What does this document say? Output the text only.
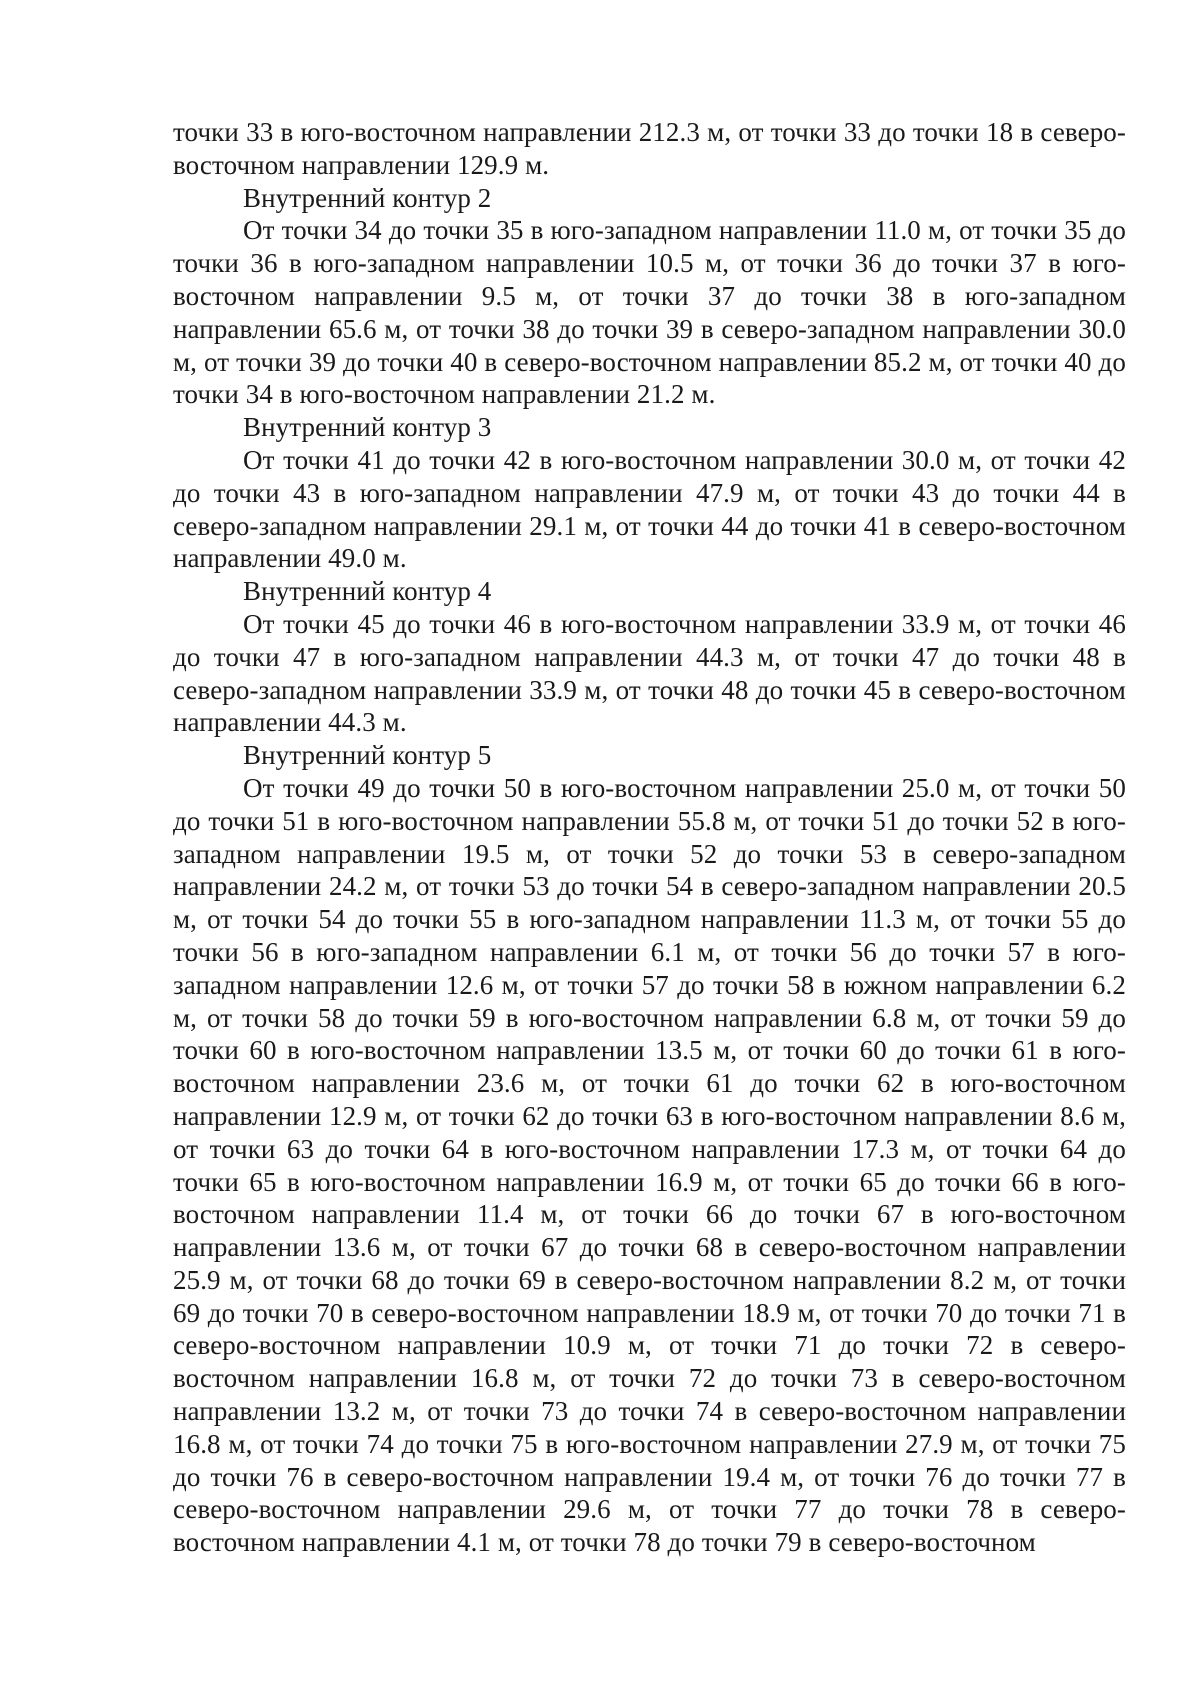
точки 33 в юго-восточном направлении 212.3 м, от точки 33 до точки 18 в северо-восточном направлении 129.9 м.

Внутренний контур 2

От точки 34 до точки 35 в юго-западном направлении 11.0 м, от точки 35 до точки 36 в юго-западном направлении 10.5 м, от точки 36 до точки 37 в юго-восточном направлении 9.5 м, от точки 37 до точки 38 в юго-западном направлении 65.6 м, от точки 38 до точки 39 в северо-западном направлении 30.0 м, от точки 39 до точки 40 в северо-восточном направлении 85.2 м, от точки 40 до точки 34 в юго-восточном направлении 21.2 м.

Внутренний контур 3

От точки 41 до точки 42 в юго-восточном направлении 30.0 м, от точки 42 до точки 43 в юго-западном направлении 47.9 м, от точки 43 до точки 44 в северо-западном направлении 29.1 м, от точки 44 до точки 41 в северо-восточном направлении 49.0 м.

Внутренний контур 4

От точки 45 до точки 46 в юго-восточном направлении 33.9 м, от точки 46 до точки 47 в юго-западном направлении 44.3 м, от точки 47 до точки 48 в северо-западном направлении 33.9 м, от точки 48 до точки 45 в северо-восточном направлении 44.3 м.

Внутренний контур 5

От точки 49 до точки 50 в юго-восточном направлении 25.0 м, от точки 50 до точки 51 в юго-восточном направлении 55.8 м, от точки 51 до точки 52 в юго-западном направлении 19.5 м, от точки 52 до точки 53 в северо-западном направлении 24.2 м, от точки 53 до точки 54 в северо-западном направлении 20.5 м, от точки 54 до точки 55 в юго-западном направлении 11.3 м, от точки 55 до точки 56 в юго-западном направлении 6.1 м, от точки 56 до точки 57 в юго-западном направлении 12.6 м, от точки 57 до точки 58 в южном направлении 6.2 м, от точки 58 до точки 59 в юго-восточном направлении 6.8 м, от точки 59 до точки 60 в юго-восточном направлении 13.5 м, от точки 60 до точки 61 в юго-восточном направлении 23.6 м, от точки 61 до точки 62 в юго-восточном направлении 12.9 м, от точки 62 до точки 63 в юго-восточном направлении 8.6 м, от точки 63 до точки 64 в юго-восточном направлении 17.3 м, от точки 64 до точки 65 в юго-восточном направлении 16.9 м, от точки 65 до точки 66 в юго-восточном направлении 11.4 м, от точки 66 до точки 67 в юго-восточном направлении 13.6 м, от точки 67 до точки 68 в северо-восточном направлении 25.9 м, от точки 68 до точки 69 в северо-восточном направлении 8.2 м, от точки 69 до точки 70 в северо-восточном направлении 18.9 м, от точки 70 до точки 71 в северо-восточном направлении 10.9 м, от точки 71 до точки 72 в северо-восточном направлении 16.8 м, от точки 72 до точки 73 в северо-восточном направлении 13.2 м, от точки 73 до точки 74 в северо-восточном направлении 16.8 м, от точки 74 до точки 75 в юго-восточном направлении 27.9 м, от точки 75 до точки 76 в северо-восточном направлении 19.4 м, от точки 76 до точки 77 в северо-восточном направлении 29.6 м, от точки 77 до точки 78 в северо-восточном направлении 4.1 м, от точки 78 до точки 79 в северо-восточном
